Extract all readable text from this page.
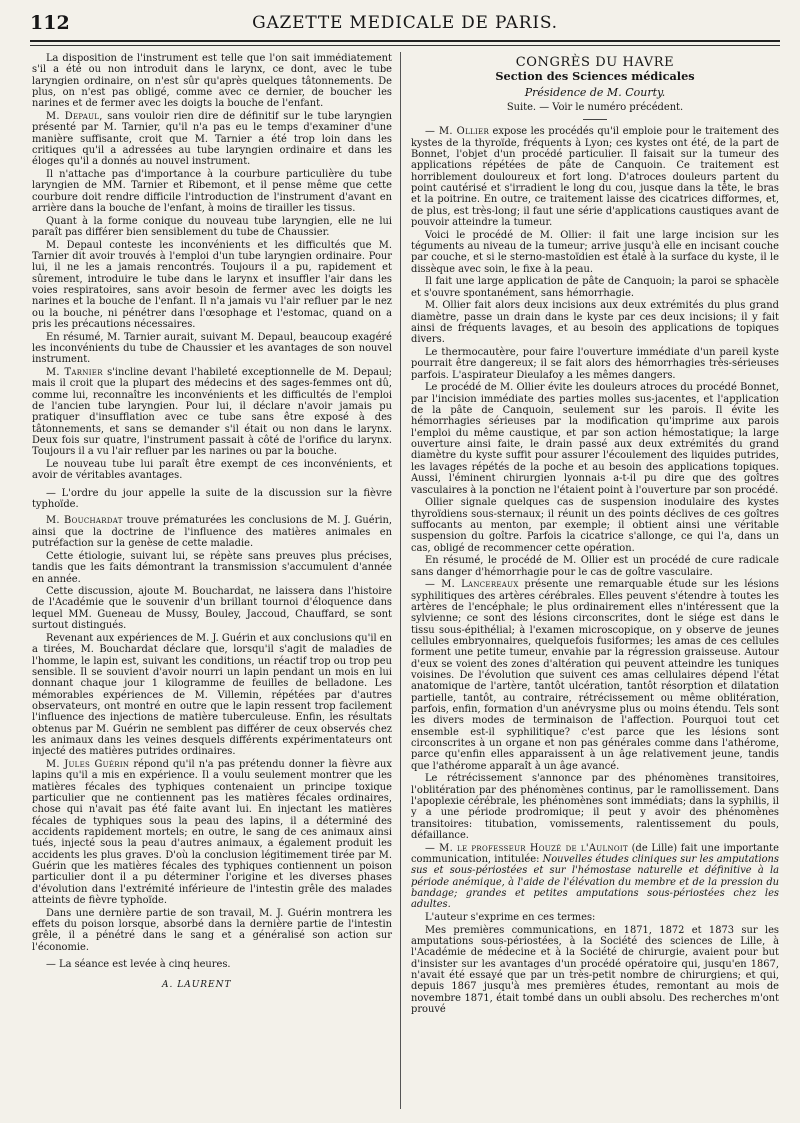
112	GAZETTE MEDICALE DE PARIS.

La disposition de l'instrument est telle que l'on sait immédiatement s'il a été ou non introduit dans le larynx, ce dont, avec le tube laryngien ordinaire, on n'est sûr qu'après quelques tâtonnements. De plus, on n'est pas obligé, comme avec ce dernier, de boucher les narines et de fermer avec les doigts la bouche de l'enfant.

M. Depaul, sans vouloir rien dire de définitif sur le tube laryngien présenté par M. Tarnier, qu'il n'a pas eu le temps d'examiner d'une manière suffisante, croit que M. Tarnier a été trop loin dans les critiques qu'il a adressées au tube laryngien ordinaire et dans les éloges qu'il a donnés au nouvel instrument.

Il n'attache pas d'importance à la courbure particulière du tube laryngien de MM. Tarnier et Ribemont, et il pense même que cette courbure doit rendre difficile l'introduction de l'instrument d'avant en arrière dans la bouche de l'enfant, à moins de tirailler les tissus.

Quant à la forme conique du nouveau tube laryngien, elle ne lui paraît pas différer bien sensiblement du tube de Chaussier.

M. Depaul conteste les inconvénients et les difficultés que M. Tarnier dit avoir trouvés à l'emploi d'un tube laryngien ordinaire. Pour lui, il ne les a jamais rencontrés. Toujours il a pu, rapidement et sûrement, introduire le tube dans le larynx et insuffler l'air dans les voies respiratoires, sans avoir besoin de fermer avec les doigts les narines et la bouche de l'enfant. Il n'a jamais vu l'air refluer par le nez ou la bouche, ni pénétrer dans l'œsophage et l'estomac, quand on a pris les précautions nécessaires.

En résumé, M. Tarnier aurait, suivant M. Depaul, beaucoup exagéré les inconvénients du tube de Chaussier et les avantages de son nouvel instrument.

M. Tarnier s'incline devant l'habileté exceptionnelle de M. Depaul; mais il croit que la plupart des médecins et des sages-femmes ont dû, comme lui, reconnaître les inconvénients et les difficultés de l'emploi de l'ancien tube laryngien. Pour lui, il déclare n'avoir jamais pu pratiquer d'insufflation avec ce tube sans être exposé à des tâtonnements, et sans se demander s'il était ou non dans le larynx. Deux fois sur quatre, l'instrument passait à côté de l'orifice du larynx. Toujours il a vu l'air refluer par les narines ou par la bouche.

Le nouveau tube lui paraît être exempt de ces inconvénients, et avoir de véritables avantages.

— L'ordre du jour appelle la suite de la discussion sur la fièvre typhoïde.

M. Bouchardat trouve prématurées les conclusions de M. J. Guérin, ainsi que la doctrine de l'influence des matières animales en putréfaction sur la genèse de cette maladie.

Cette étiologie, suivant lui, se répète sans preuves plus précises, tandis que les faits démontrant la transmission s'accumulent d'année en année.

Cette discussion, ajoute M. Bouchardat, ne laissera dans l'histoire de l'Académie que le souvenir d'un brillant tournoi d'éloquence dans lequel MM. Gueneau de Mussy, Bouley, Jaccoud, Chauffard, se sont surtout distingués.

Revenant aux expériences de M. J. Guérin et aux conclusions qu'il en a tirées, M. Bouchardat déclare que, lorsqu'il s'agit de maladies de l'homme, le lapin est, suivant les conditions, un réactif trop ou trop peu sensible. Il se souvient d'avoir nourri un lapin pendant un mois en lui donnant chaque jour 1 kilogramme de feuilles de belladone. Les mémorables expériences de M. Villemin, répétées par d'autres observateurs, ont montré en outre que le lapin ressent trop facilement l'influence des injections de matière tuberculeuse. Enfin, les résultats obtenus par M. Guérin ne semblent pas différer de ceux observés chez les animaux dans les veines desquels différents expérimentateurs ont injecté des matières putrides ordinaires.

M. Jules Guérin répond qu'il n'a pas prétendu donner la fièvre aux lapins qu'il a mis en expérience. Il a voulu seulement montrer que les matières fécales des typhiques contenaient un principe toxique particulier que ne contiennent pas les matières fécales ordinaires, chose qui n'avait pas été faite avant lui. En injectant les matières fécales de typhiques sous la peau des lapins, il a déterminé des accidents rapidement mortels; en outre, le sang de ces animaux ainsi tués, injecté sous la peau d'autres animaux, a également produit les accidents les plus graves. D'où la conclusion légitimement tirée par M. Guérin que les matières fécales des typhiques contiennent un poison particulier dont il a pu déterminer l'origine et les diverses phases d'évolution dans l'extrémité inférieure de l'intestin grêle des malades atteints de fièvre typhoïde.

Dans une dernière partie de son travail, M. J. Guérin montrera les effets du poison lorsque, absorbé dans la dernière partie de l'intestin grêle, il a pénétré dans le sang et a généralisé son action sur l'économie.

— La séance est levée à cinq heures.

A. LAURENT
CONGRÈS DU HAVRE
Section des Sciences médicales
Présidence de M. Courty.
Suite. — Voir le numéro précédent.

— M. Ollier expose les procédés qu'il emploie pour le traitement des kystes de la thyroïde, fréquents à Lyon; ces kystes ont été, de la part de Bonnet, l'objet d'un procédé particulier. Il faisait sur la tumeur des applications répétées de pâte de Canquoin. Ce traitement est horriblement douloureux et fort long. D'atroces douleurs partent du point cautérisé et s'irradient le long du cou, jusque dans la tête, le bras et la poitrine. En outre, ce traitement laisse des cicatrices difformes, et, de plus, est très-long; il faut une série d'applications caustiques avant de pouvoir atteindre la tumeur.

Voici le procédé de M. Ollier: il fait une large incision sur les téguments au niveau de la tumeur; arrive jusqu'à elle en incisant couche par couche, et si le sterno-mastoïdien est étalé à la surface du kyste, il le dissèque avec soin, le fixe à la peau.

Il fait une large application de pâte de Canquoin; la paroi se sphacèle et s'ouvre spontanément, sans hémorrhagie.

M. Ollier fait alors deux incisions aux deux extrémités du plus grand diamètre, passe un drain dans le kyste par ces deux incisions; il y fait ainsi de fréquents lavages, et au besoin des applications de topiques divers.

Le thermocautère, pour faire l'ouverture immédiate d'un pareil kyste pourrait être dangereux; il se fait alors des hémorrhagies très-sérieuses parfois. L'aspirateur Dieulafoy a les mêmes dangers.

Le procédé de M. Ollier évite les douleurs atroces du procédé Bonnet, par l'incision immédiate des parties molles sus-jacentes, et l'application de la pâte de Canquoin, seulement sur les parois. Il évite les hémorrhagies sérieuses par la modification qu'imprime aux parois l'emploi du même caustique, et par son action hémostatique; la large ouverture ainsi faite, le drain passé aux deux extrémités du grand diamètre du kyste suffit pour assurer l'écoulement des liquides putrides, les lavages répétés de la poche et au besoin des applications topiques. Aussi, l'éminent chirurgien lyonnais a-t-il pu dire que des goîtres vasculaires à la ponction ne l'étaient point à l'ouverture par son procédé.

Ollier signale quelques cas de suspension inodulaire des kystes thyroïdiens sous-sternaux; il réunit un des points déclives de ces goîtres suffocants au menton, par exemple; il obtient ainsi une véritable suspension du goître. Parfois la cicatrice s'allonge, ce qui l'a, dans un cas, obligé de recommencer cette opération.

En résumé, le procédé de M. Ollier est un procédé de cure radicale sans danger d'hémorrhagie pour le cas de goître vasculaire.

— M. Lancereaux présente une remarquable étude sur les lésions syphilitiques des artères cérébrales. Elles peuvent s'étendre à toutes les artères de l'encéphale; le plus ordinairement elles n'intéressent que la sylvienne; ce sont des lésions circonscrites, dont le siége est dans le tissu sous-épithélial; à l'examen microscopique, on y observe de jeunes cellules embryonnaires, quelquefois fusiformes; les amas de ces cellules forment une petite tumeur, envahie par la régression graisseuse. Autour d'eux se voient des zones d'altération qui peuvent atteindre les tuniques voisines. De l'évolution que suivent ces amas cellulaires dépend l'état anatomique de l'artère, tantôt ulcération, tantôt résorption et dilatation partielle, tantôt, au contraire, rétrécissement ou même oblitération, parfois, enfin, formation d'un anévrysme plus ou moins étendu. Tels sont les divers modes de terminaison de l'affection. Pourquoi tout cet ensemble est-il syphilitique? c'est parce que les lésions sont circonscrites à un organe et non pas générales comme dans l'athérome, parce qu'enfin elles apparaissent à un âge relativement jeune, tandis que l'athérome apparaît à un âge avancé.

Le rétrécissement s'annonce par des phénomènes transitoires, l'oblitération par des phénomènes continus, par le ramollissement. Dans l'apoplexie cérébrale, les phénomènes sont immédiats; dans la syphilis, il y a une période prodromique; il peut y avoir des phénomènes transitoires: titubation, vomissements, ralentissement du pouls, défaillance.

— M. le professeur Houzé de l'Aulnoit (de Lille) fait une importante communication, intitulée: Nouvelles études cliniques sur les amputations sus et sous-périostées et sur l'hémostase naturelle et définitive à la période anémique, à l'aide de l'élévation du membre et de la pression du bandage; grandes et petites amputations sous-périostées chez les adultes.

L'auteur s'exprime en ces termes:

Mes premières communications, en 1871, 1872 et 1873 sur les amputations sous-périostées, à la Société des sciences de Lille, à l'Académie de médecine et à la Société de chirurgie, avaient pour but d'insister sur les avantages d'un procédé opératoire qui, jusqu'en 1867, n'avait été essayé que par un très-petit nombre de chirurgiens; et qui, depuis 1867 jusqu'à mes premières études, remontant au mois de novembre 1871, était tombé dans un oubli absolu. Des recherches m'ont prouvé
